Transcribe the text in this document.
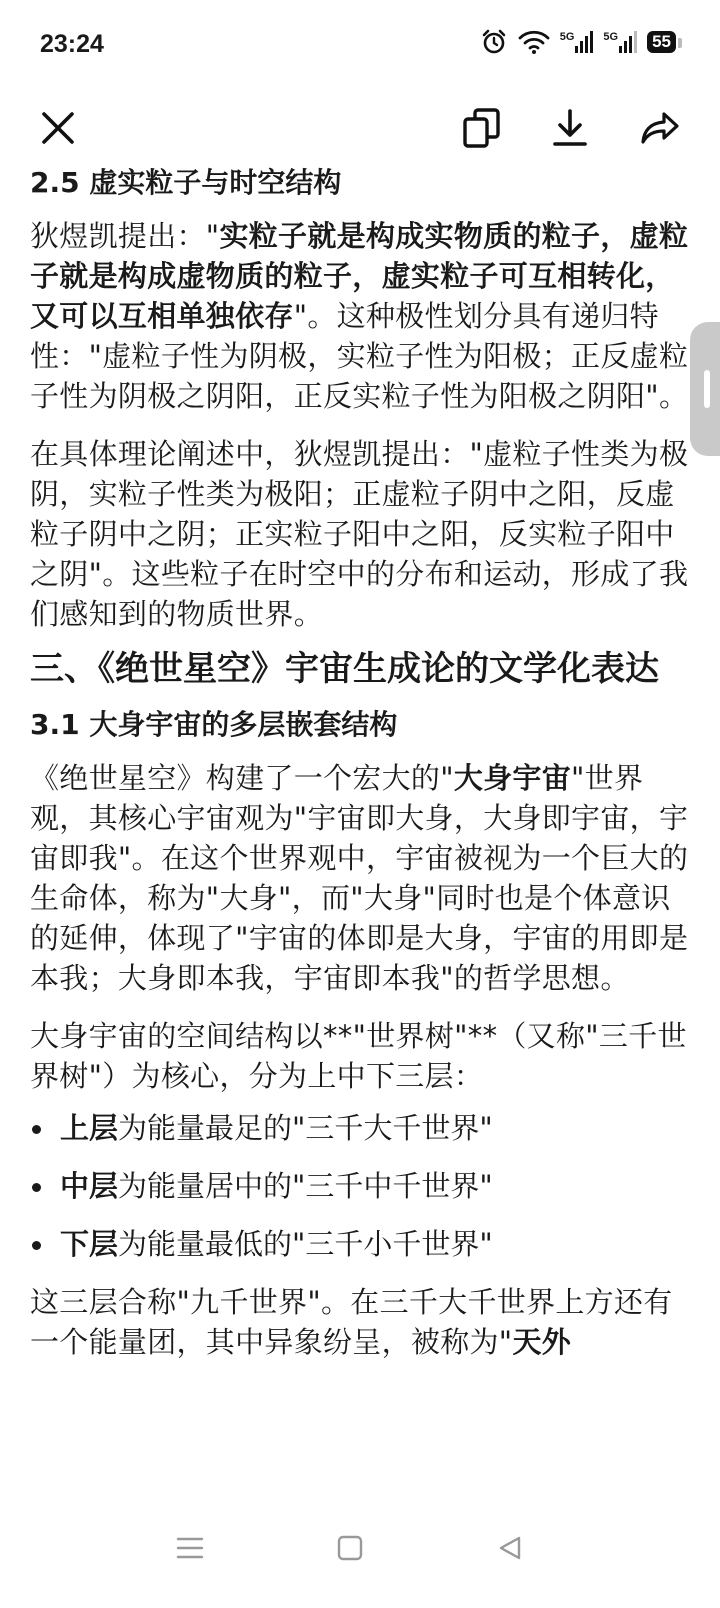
23:24	5G	5G 55
2.5 虚实粒子与时空结构

狄煜凯提出："实粒子就是构成实物质的粒子，虚粒子就是构成虚物质的粒子，虚实粒子可互相转化，又可以互相单独依存"。这种极性划分具有递归特性："虚粒子性为阴极，实粒子性为阳极；正反虚粒子性为阴极之阴阳，正反实粒子性为阳极之阴阳"。

在具体理论阐述中，狄煜凯提出："虚粒子性类为极阴，实粒子性类为极阳；正虚粒子阴中之阳，反虚粒子阴中之阴；正实粒子阳中之阳，反实粒子阳中之阴"。这些粒子在时空中的分布和运动，形成了我们感知到的物质世界。

三、《绝世星空》宇宙生成论的文学化表达
3.1 大身宇宙的多层嵌套结构

《绝世星空》构建了一个宏大的"大身宇宙"世界观，其核心宇宙观为"宇宙即大身，大身即宇宙，宇宙即我"。在这个世界观中，宇宙被视为一个巨大的生命体，称为"大身"，而"大身"同时也是个体意识的延伸，体现了"宇宙的体即是大身，宇宙的用即是本我；大身即本我，宇宙即本我"的哲学思想。

大身宇宙的空间结构以**"世界树"**（又称"三千世界树"）为核心，分为上中下三层：

上层为能量最足的"三千大千世界"
中层为能量居中的"三千中千世界"
下层为能量最低的"三千小千世界"

这三层合称"九千世界"。在三千大千世界上方还有一个能量团，其中异象纷呈，被称为"天外
